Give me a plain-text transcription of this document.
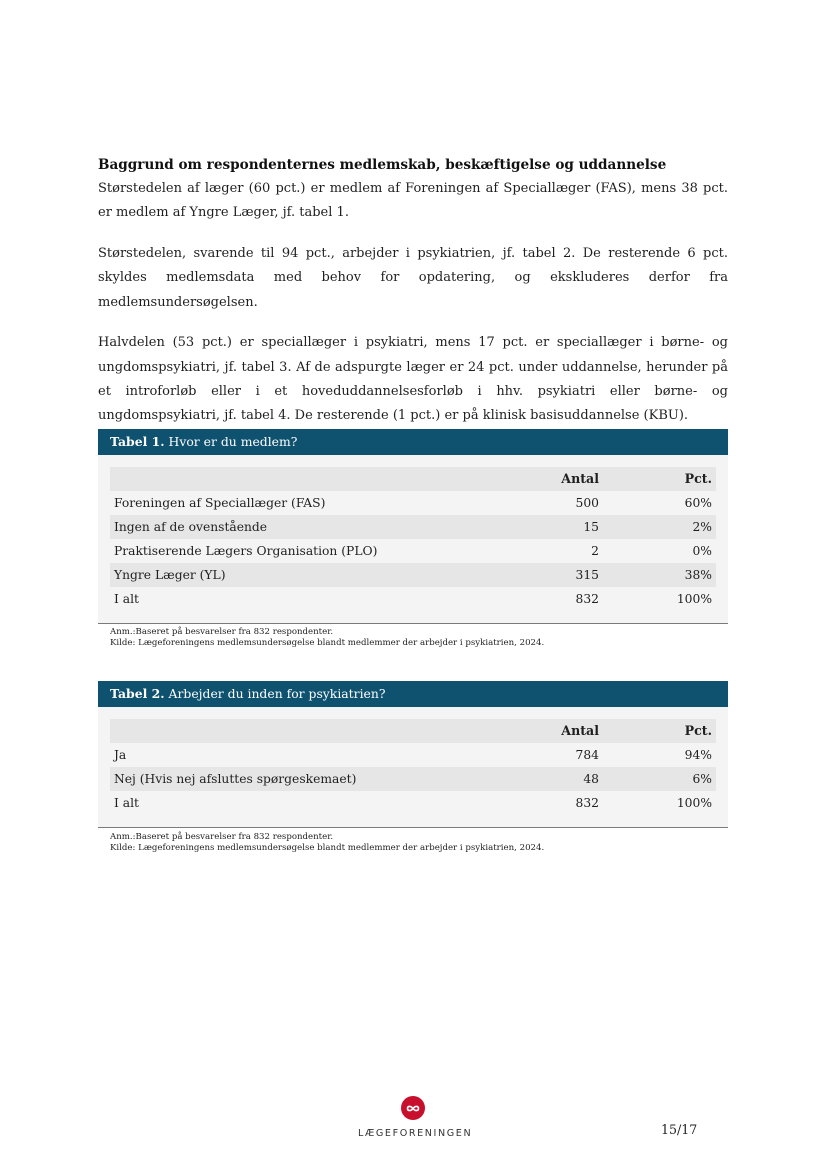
Baggrund om respondenternes medlemskab, beskæftigelse og uddannelse

Størstedelen af læger (60 pct.) er medlem af Foreningen af Speciallæger (FAS), mens 38 pct. er medlem af Yngre Læger, jf. tabel 1.

Størstedelen, svarende til 94 pct., arbejder i psykiatrien, jf. tabel 2. De resterende 6 pct. skyldes medlemsdata med behov for opdatering, og ekskluderes derfor fra medlemsundersøgelsen.

Halvdelen (53 pct.) er speciallæger i psykiatri, mens 17 pct. er speciallæger i børne- og ungdomspsykiatri, jf. tabel 3. Af de adspurgte læger er 24 pct. under uddannelse, herunder på et introforløb eller i et hoveduddannelsesforløb i hhv. psykiatri eller børne- og ungdomspsykiatri, jf. tabel 4. De resterende (1 pct.) er på klinisk basisuddannelse (KBU).

Tabel 1. Hvor er du medlem?
Antal	Pct.
Foreningen af Speciallæger (FAS)	500	60%
Ingen af de ovenstående	15	2%
Praktiserende Lægers Organisation (PLO)	2	0%
Yngre Læger (YL)	315	38%
I alt	832	100%
Anm.:Baseret på besvarelser fra 832 respondenter.
Kilde: Lægeforeningens medlemsundersøgelse blandt medlemmer der arbejder i psykiatrien, 2024.
Tabel 2. Arbejder du inden for psykiatrien?
Antal	Pct.
Ja	784	94%
Nej (Hvis nej afsluttes spørgeskemaet)	48	6%
I alt	832	100%
Anm.:Baseret på besvarelser fra 832 respondenter.
Kilde: Lægeforeningens medlemsundersøgelse blandt medlemmer der arbejder i psykiatrien, 2024.
LÆGEFORENINGEN	15/17
